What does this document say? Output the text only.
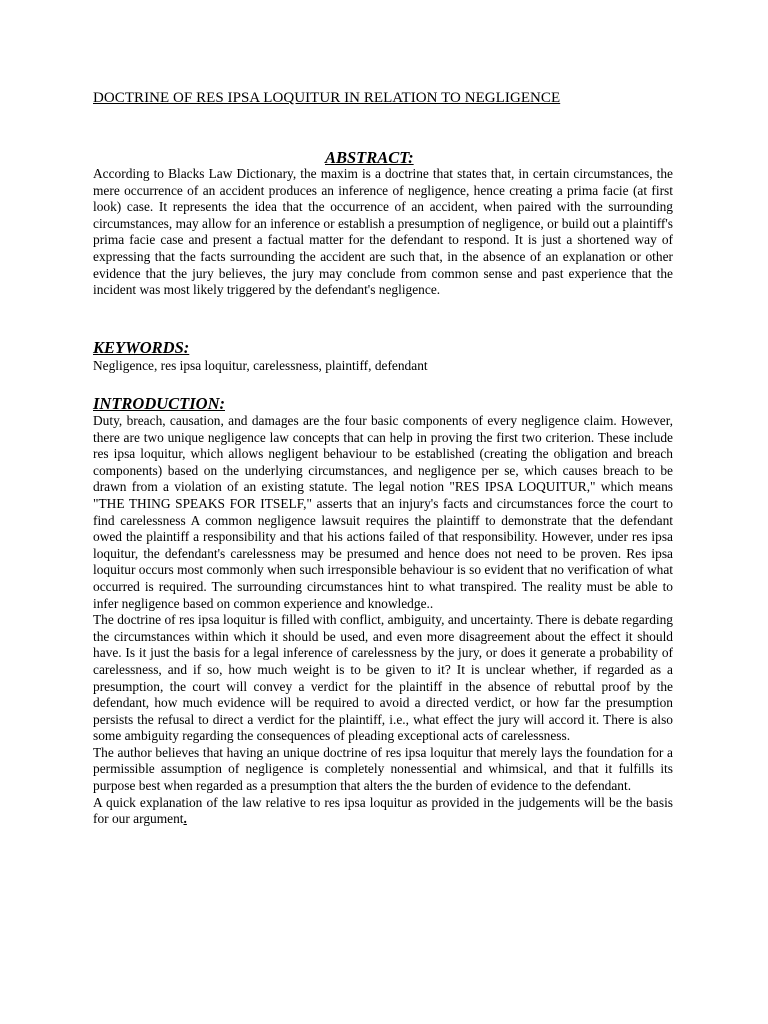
DOCTRINE OF RES IPSA LOQUITUR IN RELATION TO NEGLIGENCE
ABSTRACT:
According to Blacks Law Dictionary, the maxim is a doctrine that states that, in certain circumstances, the mere occurrence of an accident produces an inference of negligence, hence creating a prima facie (at first look) case. It represents the idea that the occurrence of an accident, when paired with the surrounding circumstances, may allow for an inference or establish a presumption of negligence, or build out a plaintiff's prima facie case and present a factual matter for the defendant to respond. It is just a shortened way of expressing that the facts surrounding the accident are such that, in the absence of an explanation or other evidence that the jury believes, the jury may conclude from common sense and past experience that the incident was most likely triggered by the defendant's negligence.
KEYWORDS:
Negligence, res ipsa loquitur, carelessness, plaintiff, defendant
INTRODUCTION:

Duty, breach, causation, and damages are the four basic components of every negligence claim. However, there are two unique negligence law concepts that can help in proving the first two criterion. These include res ipsa loquitur, which allows negligent behaviour to be established (creating the obligation and breach components) based on the underlying circumstances, and negligence per se, which causes breach to be drawn from a violation of an existing statute. The legal notion "RES IPSA LOQUITUR," which means "THE THING SPEAKS FOR ITSELF," asserts that an injury's facts and circumstances force the court to find carelessness A common negligence lawsuit requires the plaintiff to demonstrate that the defendant owed the plaintiff a responsibility and that his actions failed of that responsibility. However, under res ipsa loquitur, the defendant's carelessness may be presumed and hence does not need to be proven. Res ipsa loquitur occurs most commonly when such irresponsible behaviour is so evident that no verification of what occurred is required. The surrounding circumstances hint to what transpired. The reality must be able to infer negligence based on common experience and knowledge..

The doctrine of res ipsa loquitur is filled with conflict, ambiguity, and uncertainty. There is debate regarding the circumstances within which it should be used, and even more disagreement about the effect it should have. Is it just the basis for a legal inference of carelessness by the jury, or does it generate a probability of carelessness, and if so, how much weight is to be given to it? It is unclear whether, if regarded as a presumption, the court will convey a verdict for the plaintiff in the absence of rebuttal proof by the defendant, how much evidence will be required to avoid a directed verdict, or how far the presumption persists the refusal to direct a verdict for the plaintiff, i.e., what effect the jury will accord it. There is also some ambiguity regarding the consequences of pleading exceptional acts of carelessness.

The author believes that having an unique doctrine of res ipsa loquitur that merely lays the foundation for a permissible assumption of negligence is completely nonessential and whimsical, and that it fulfills its purpose best when regarded as a presumption that alters the the burden of evidence to the defendant.

A quick explanation of the law relative to res ipsa loquitur as provided in the judgements will be the basis for our argument.
